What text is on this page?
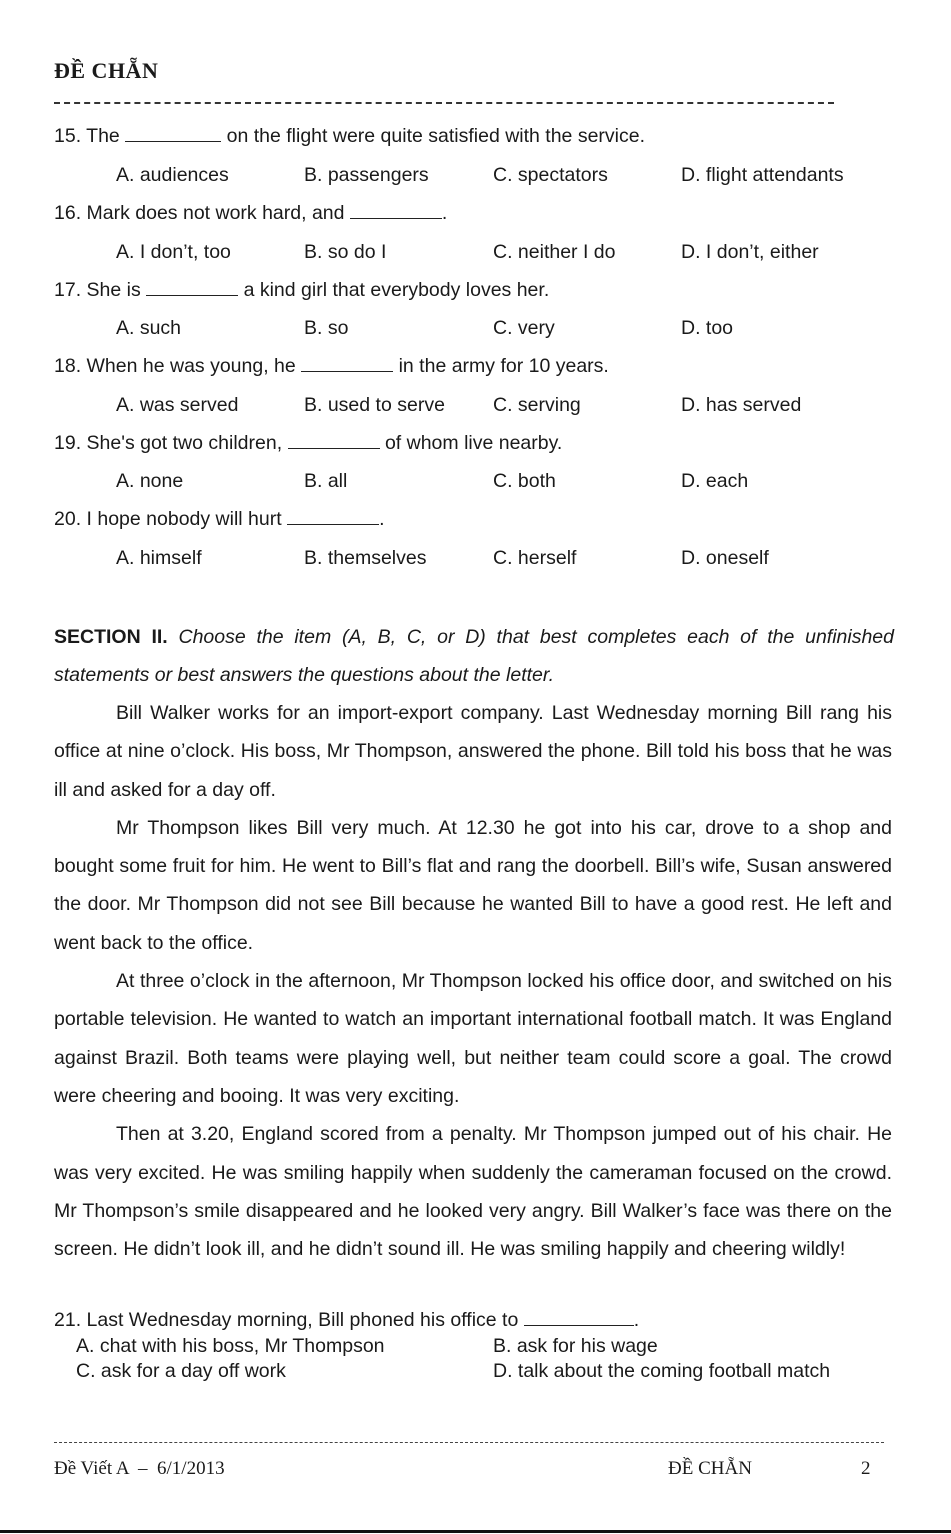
ĐỀ CHẴN
15. The	on the flight were quite satisfied with the service.
A. audiences	B. passengers	C. spectators	D. flight attendants
16. Mark does not work hard, and	.
A. I don’t, too	B. so do I	C. neither I do	D. I don’t, either
17. She is	a kind girl that everybody loves her.
A. such	B. so	C. very	D. too
18. When he was young, he	in the army for 10 years.
A. was served	B. used to serve C. serving	D. has served
19. She's got two children,	of whom live nearby.
A. none	B. all	C. both	D. each
20. I hope nobody will hurt	.
A. himself	B. themselves	C. herself	D. oneself
SECTION II. Choose the item (A, B, C, or D) that best completes each of the unfinished statements or best answers the questions about the letter.

Bill Walker works for an import-export company. Last Wednesday morning Bill rang his office at nine o’clock. His boss, Mr Thompson, answered the phone. Bill told his boss that he was ill and asked for a day off.

Mr Thompson likes Bill very much. At 12.30 he got into his car, drove to a shop and bought some fruit for him. He went to Bill’s flat and rang the doorbell. Bill’s wife, Susan answered the door. Mr Thompson did not see Bill because he wanted Bill to have a good rest. He left and went back to the office.

At three o’clock in the afternoon, Mr Thompson locked his office door, and switched on his portable television. He wanted to watch an important international football match. It was England against Brazil. Both teams were playing well, but neither team could score a goal. The crowd were cheering and booing. It was very exciting.

Then at 3.20, England scored from a penalty. Mr Thompson jumped out of his chair. He was very excited. He was smiling happily when suddenly the cameraman focused on the crowd. Mr Thompson’s smile disappeared and he looked very angry. Bill Walker’s face was there on the screen. He didn’t look ill, and he didn’t sound ill. He was smiling happily and cheering wildly!

21. Last Wednesday morning, Bill phoned his office to	.
A. chat with his boss, Mr Thompson	B. ask for his wage
C. ask for a day off work	D. talk about the coming football match
Đề Viết A  –  6/1/2013	ĐỀ CHẴN	2
